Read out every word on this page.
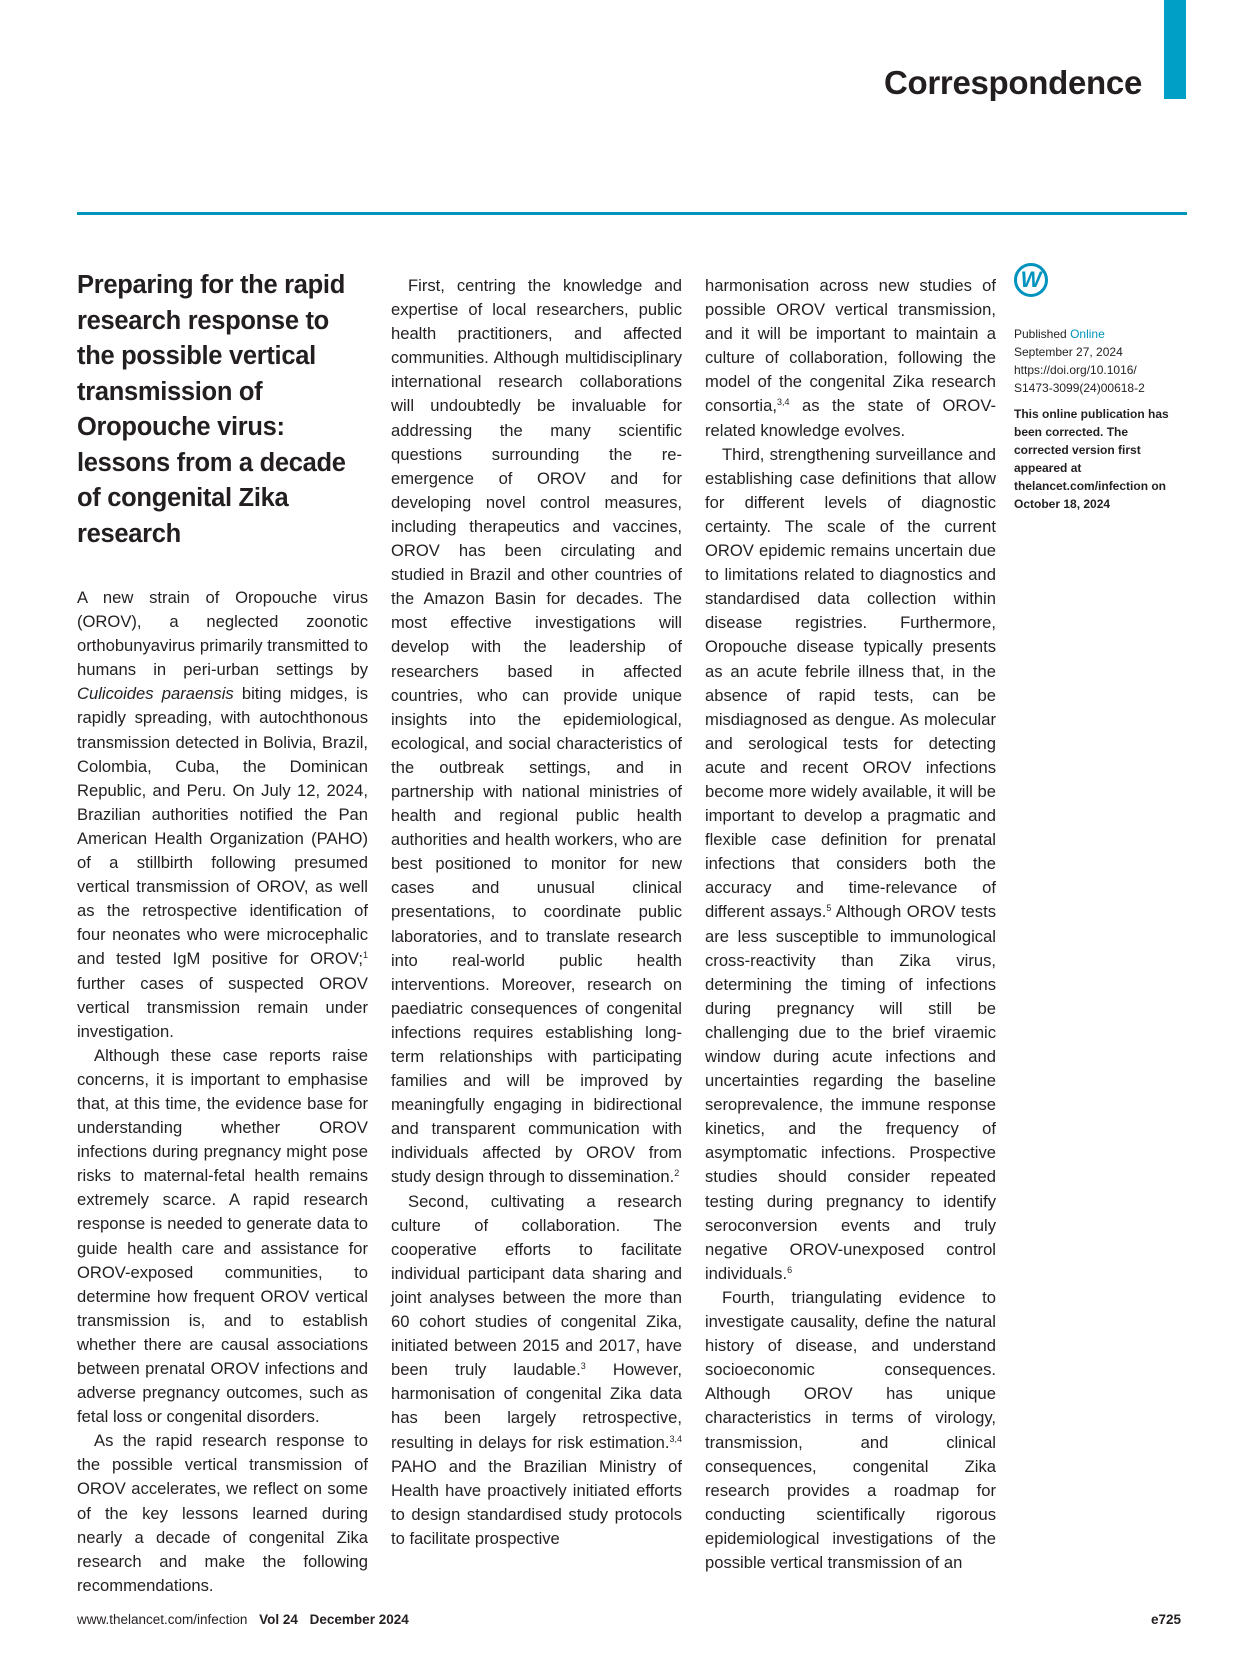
Correspondence
Preparing for the rapid research response to the possible vertical transmission of Oropouche virus: lessons from a decade of congenital Zika research

A new strain of Oropouche virus (OROV), a neglected zoonotic orthobunyavirus primarily transmitted to humans in peri-urban settings by Culicoides paraensis biting midges, is rapidly spreading, with autochthonous transmission detected in Bolivia, Brazil, Colombia, Cuba, the Dominican Republic, and Peru. On July 12, 2024, Brazilian authorities notified the Pan American Health Organization (PAHO) of a stillbirth following presumed vertical transmission of OROV, as well as the retrospective identification of four neonates who were microcephalic and tested IgM positive for OROV;$^1$ further cases of suspected OROV vertical transmission remain under investigation.

Although these case reports raise concerns, it is important to emphasise that, at this time, the evidence base for understanding whether OROV infections during pregnancy might pose risks to maternal-fetal health remains extremely scarce. A rapid research response is needed to generate data to guide health care and assistance for OROV-exposed communities, to determine how frequent OROV vertical transmission is, and to establish whether there are causal associations between prenatal OROV infections and adverse pregnancy outcomes, such as fetal loss or congenital disorders.

As the rapid research response to the possible vertical transmission of OROV accelerates, we reflect on some of the key lessons learned during nearly a decade of congenital Zika research and make the following recommendations.

First, centring the knowledge and expertise of local researchers, public health practitioners, and affected communities. Although multidisciplinary international research collaborations will undoubtedly be invaluable for addressing the many scientific questions surrounding the re-emergence of OROV and for developing novel control measures, including therapeutics and vaccines, OROV has been circulating and studied in Brazil and other countries of the Amazon Basin for decades. The most effective investigations will develop with the leadership of researchers based in affected countries, who can provide unique insights into the epidemiological, ecological, and social characteristics of the outbreak settings, and in partnership with national ministries of health and regional public health authorities and health workers, who are best positioned to monitor for new cases and unusual clinical presentations, to coordinate public laboratories, and to translate research into real-world public health interventions. Moreover, research on paediatric consequences of congenital infections requires establishing long-term relationships with participating families and will be improved by meaningfully engaging in bidirectional and transparent communication with individuals affected by OROV from study design through to dissemination.$^2$

Second, cultivating a research culture of collaboration. The cooperative efforts to facilitate individual participant data sharing and joint analyses between the more than 60 cohort studies of congenital Zika, initiated between 2015 and 2017, have been truly laudable.$^3$ However, harmonisation of congenital Zika data has been largely retrospective, resulting in delays for risk estimation.$^{3,4}$ PAHO and the Brazilian Ministry of Health have proactively initiated efforts to design standardised study protocols to facilitate prospective

harmonisation across new studies of possible OROV vertical transmission, and it will be important to maintain a culture of collaboration, following the model of the congenital Zika research consortia,$^{3,4}$ as the state of OROV-related knowledge evolves.

Third, strengthening surveillance and establishing case definitions that allow for different levels of diagnostic certainty. The scale of the current OROV epidemic remains uncertain due to limitations related to diagnostics and standardised data collection within disease registries. Furthermore, Oropouche disease typically presents as an acute febrile illness that, in the absence of rapid tests, can be misdiagnosed as dengue. As molecular and serological tests for detecting acute and recent OROV infections become more widely available, it will be important to develop a pragmatic and flexible case definition for prenatal infections that considers both the accuracy and time-relevance of different assays.$^5$ Although OROV tests are less susceptible to immunological cross-reactivity than Zika virus, determining the timing of infections during pregnancy will still be challenging due to the brief viraemic window during acute infections and uncertainties regarding the baseline seroprevalence, the immune response kinetics, and the frequency of asymptomatic infections. Prospective studies should consider repeated testing during pregnancy to identify seroconversion events and truly negative OROV-unexposed control individuals.$^6$

Fourth, triangulating evidence to investigate causality, define the natural history of disease, and understand socioeconomic consequences. Although OROV has unique characteristics in terms of virology, transmission, and clinical consequences, congenital Zika research provides a roadmap for conducting scientifically rigorous epidemiological investigations of the possible vertical transmission of an

W
Published Online
September 27, 2024
https://doi.org/10.1016/
S1473-3099(24)00618-2
This online publication has been corrected. The corrected version first appeared at thelancet.com/infection on October 18, 2024
www.thelancet.com/infection Vol 24 December 2024	e725
